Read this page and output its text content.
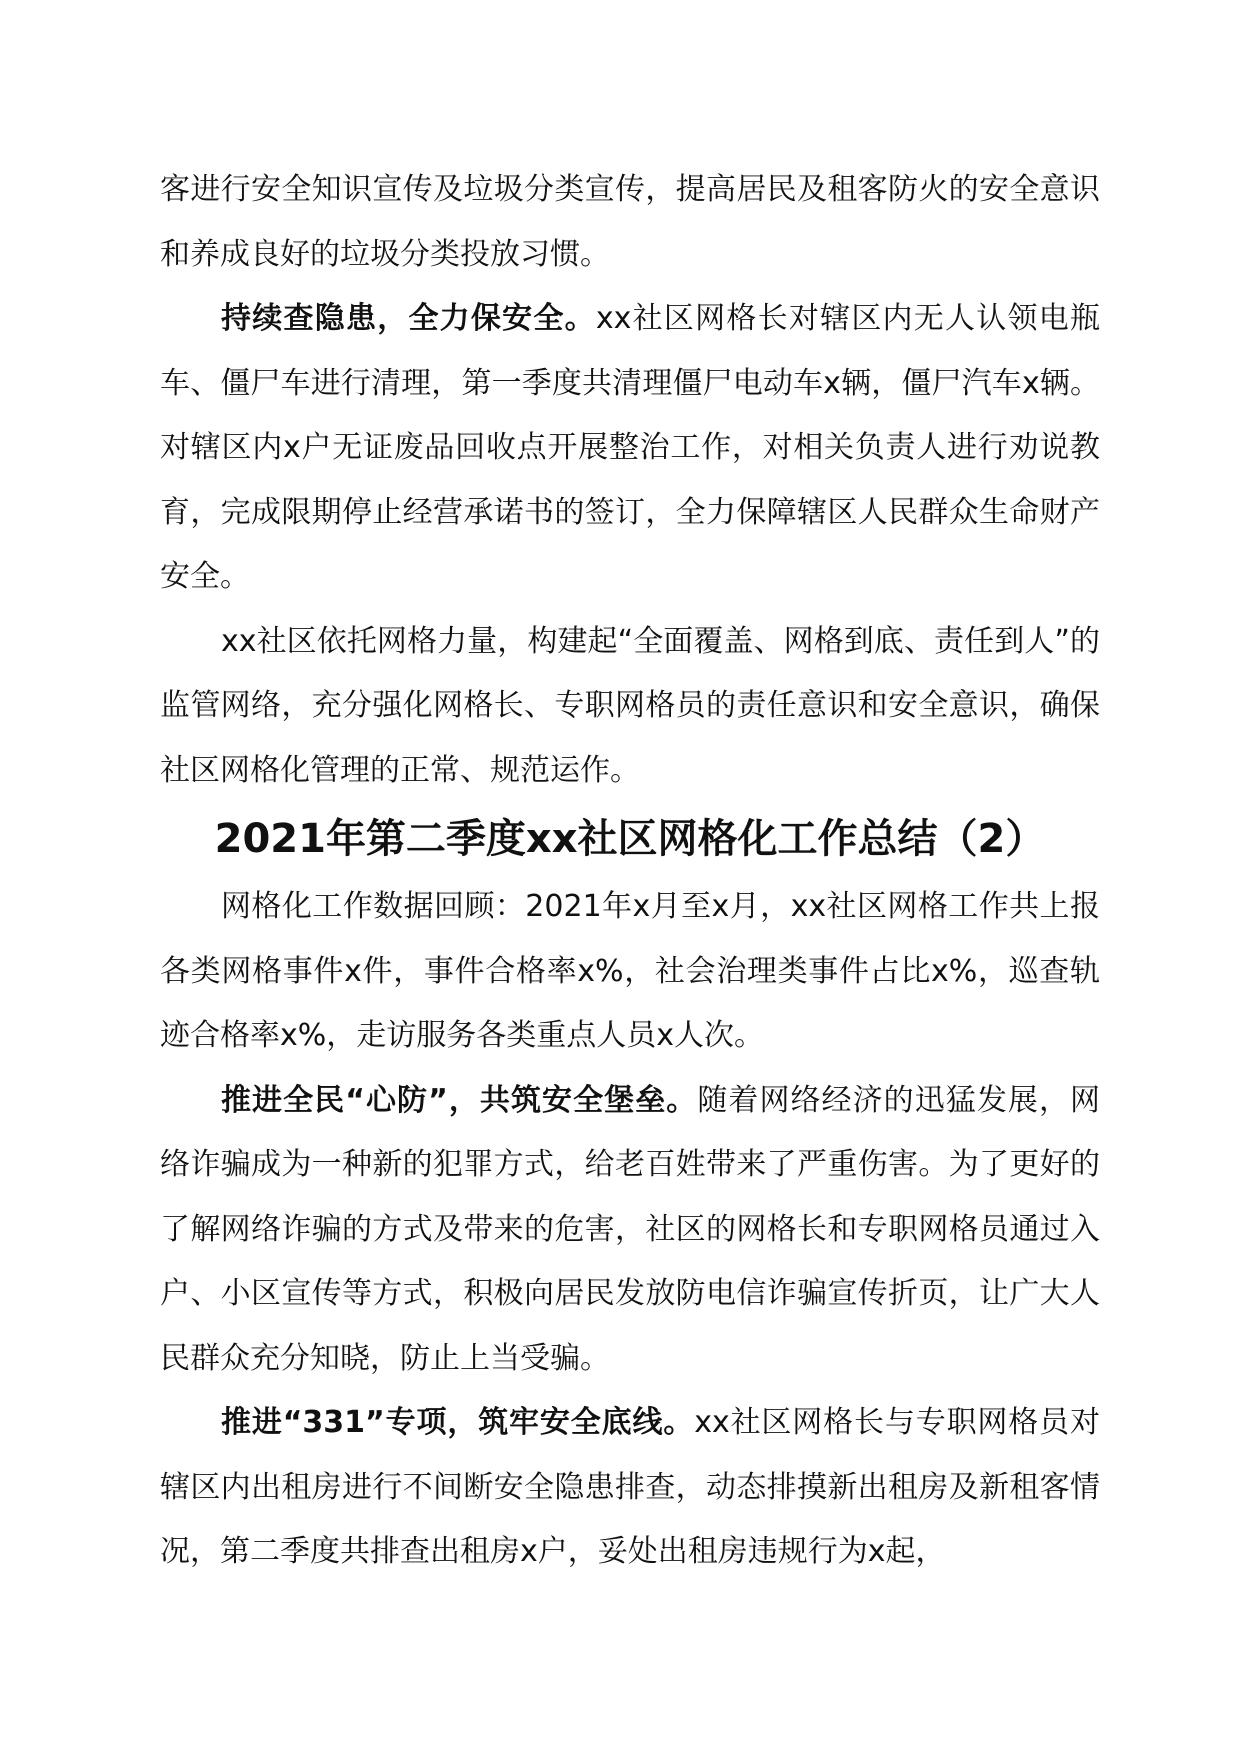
客进行安全知识宣传及垃圾分类宣传，提高居民及租客防火的安全意识和养成良好的垃圾分类投放习惯。

持续查隐患，全力保安全。xx社区网格长对辖区内无人认领电瓶车、僵尸车进行清理，第一季度共清理僵尸电动车x辆，僵尸汽车x辆。对辖区内x户无证废品回收点开展整治工作，对相关负责人进行劝说教育，完成限期停止经营承诺书的签订，全力保障辖区人民群众生命财产安全。

xx社区依托网格力量，构建起“全面覆盖、网格到底、责任到人”的监管网络，充分强化网格长、专职网格员的责任意识和安全意识，确保社区网格化管理的正常、规范运作。

2021年第二季度xx社区网格化工作总结（2）

网格化工作数据回顾：2021年x月至x月，xx社区网格工作共上报各类网格事件x件，事件合格率x%，社会治理类事件占比x%，巡查轨迹合格率x%，走访服务各类重点人员x人次。

推进全民“心防”，共筑安全堡垒。随着网络经济的迅猛发展，网络诈骗成为一种新的犯罪方式，给老百姓带来了严重伤害。为了更好的了解网络诈骗的方式及带来的危害，社区的网格长和专职网格员通过入户、小区宣传等方式，积极向居民发放防电信诈骗宣传折页，让广大人民群众充分知晓，防止上当受骗。

推进“331”专项，筑牢安全底线。xx社区网格长与专职网格员对辖区内出租房进行不间断安全隐患排查，动态排摸新出租房及新租客情况，第二季度共排查出租房x户，妥处出租房违规行为x起，
